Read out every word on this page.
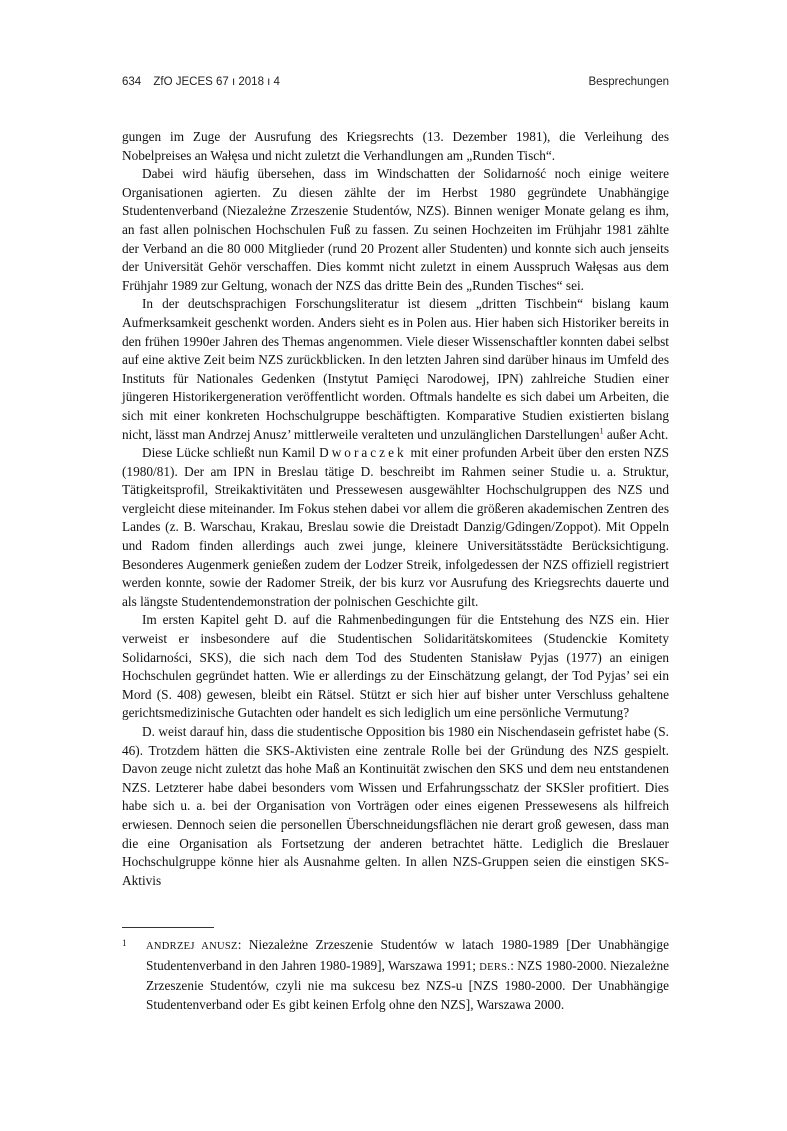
634 ZfO JECES 67 ı 2018 ı 4	Besprechungen

gungen im Zuge der Ausrufung des Kriegsrechts (13. Dezember 1981), die Verleihung des Nobelpreises an Wałęsa und nicht zuletzt die Verhandlungen am „Runden Tisch“.

Dabei wird häufig übersehen, dass im Windschatten der Solidarność noch einige weitere Organisationen agierten. Zu diesen zählte der im Herbst 1980 gegründete Unabhängige Studentenverband (Niezależne Zrzeszenie Studentów, NZS). Binnen weniger Monate gelang es ihm, an fast allen polnischen Hochschulen Fuß zu fassen. Zu seinen Hochzeiten im Frühjahr 1981 zählte der Verband an die 80 000 Mitglieder (rund 20 Prozent aller Studenten) und konnte sich auch jenseits der Universität Gehör verschaffen. Dies kommt nicht zuletzt in einem Ausspruch Wałęsas aus dem Frühjahr 1989 zur Geltung, wonach der NZS das dritte Bein des „Runden Tisches“ sei.

In der deutschsprachigen Forschungsliteratur ist diesem „dritten Tischbein“ bislang kaum Aufmerksamkeit geschenkt worden. Anders sieht es in Polen aus. Hier haben sich Historiker bereits in den frühen 1990er Jahren des Themas angenommen. Viele dieser Wissenschaftler konnten dabei selbst auf eine aktive Zeit beim NZS zurückblicken. In den letzten Jahren sind darüber hinaus im Umfeld des Instituts für Nationales Gedenken (Instytut Pamięci Narodowej, IPN) zahlreiche Studien einer jüngeren Historikergeneration veröffentlicht worden. Oftmals handelte es sich dabei um Arbeiten, die sich mit einer konkreten Hochschulgruppe beschäftigten. Komparative Studien existierten bislang nicht, lässt man Andrzej Anusz’ mittlerweile veralteten und unzulänglichen Darstellungen$^1$ außer Acht.

Diese Lücke schließt nun Kamil Dworaczek mit einer profunden Arbeit über den ersten NZS (1980/81). Der am IPN in Breslau tätige D. beschreibt im Rahmen seiner Studie u. a. Struktur, Tätigkeitsprofil, Streikaktivitäten und Pressewesen ausgewählter Hochschulgruppen des NZS und vergleicht diese miteinander. Im Fokus stehen dabei vor allem die größeren akademischen Zentren des Landes (z. B. Warschau, Krakau, Breslau sowie die Dreistadt Danzig/Gdingen/Zoppot). Mit Oppeln und Radom finden allerdings auch zwei junge, kleinere Universitätsstädte Berücksichtigung. Besonderes Augenmerk genießen zudem der Lodzer Streik, infolgedessen der NZS offiziell registriert werden konnte, sowie der Radomer Streik, der bis kurz vor Ausrufung des Kriegsrechts dauerte und als längste Studentendemonstration der polnischen Geschichte gilt.

Im ersten Kapitel geht D. auf die Rahmenbedingungen für die Entstehung des NZS ein. Hier verweist er insbesondere auf die Studentischen Solidaritätskomitees (Studenckie Komitety Solidarności, SKS), die sich nach dem Tod des Studenten Stanisław Pyjas (1977) an einigen Hochschulen gegründet hatten. Wie er allerdings zu der Einschätzung gelangt, der Tod Pyjas’ sei ein Mord (S. 408) gewesen, bleibt ein Rätsel. Stützt er sich hier auf bisher unter Verschluss gehaltene gerichtsmedizinische Gutachten oder handelt es sich lediglich um eine persönliche Vermutung?

D. weist darauf hin, dass die studentische Opposition bis 1980 ein Nischendasein gefristet habe (S. 46). Trotzdem hätten die SKS-Aktivisten eine zentrale Rolle bei der Gründung des NZS gespielt. Davon zeuge nicht zuletzt das hohe Maß an Kontinuität zwischen den SKS und dem neu entstandenen NZS. Letzterer habe dabei besonders vom Wissen und Erfahrungsschatz der SKSler profitiert. Dies habe sich u. a. bei der Organisation von Vorträgen oder eines eigenen Pressewesens als hilfreich erwiesen. Dennoch seien die personellen Überschneidungsflächen nie derart groß gewesen, dass man die eine Organisation als Fortsetzung der anderen betrachtet hätte. Lediglich die Breslauer Hochschulgruppe könne hier als Ausnahme gelten. In allen NZS-Gruppen seien die einstigen SKS-Aktivis

1 ANDRZEJ ANUSZ: Niezależne Zrzeszenie Studentów w latach 1980-1989 [Der Unabhängige Studentenverband in den Jahren 1980-1989], Warszawa 1991; DERS.: NZS 1980-2000. Niezależne Zrzeszenie Studentów, czyli nie ma sukcesu bez NZS-u [NZS 1980-2000. Der Unabhängige Studentenverband oder Es gibt keinen Erfolg ohne den NZS], Warszawa 2000.
